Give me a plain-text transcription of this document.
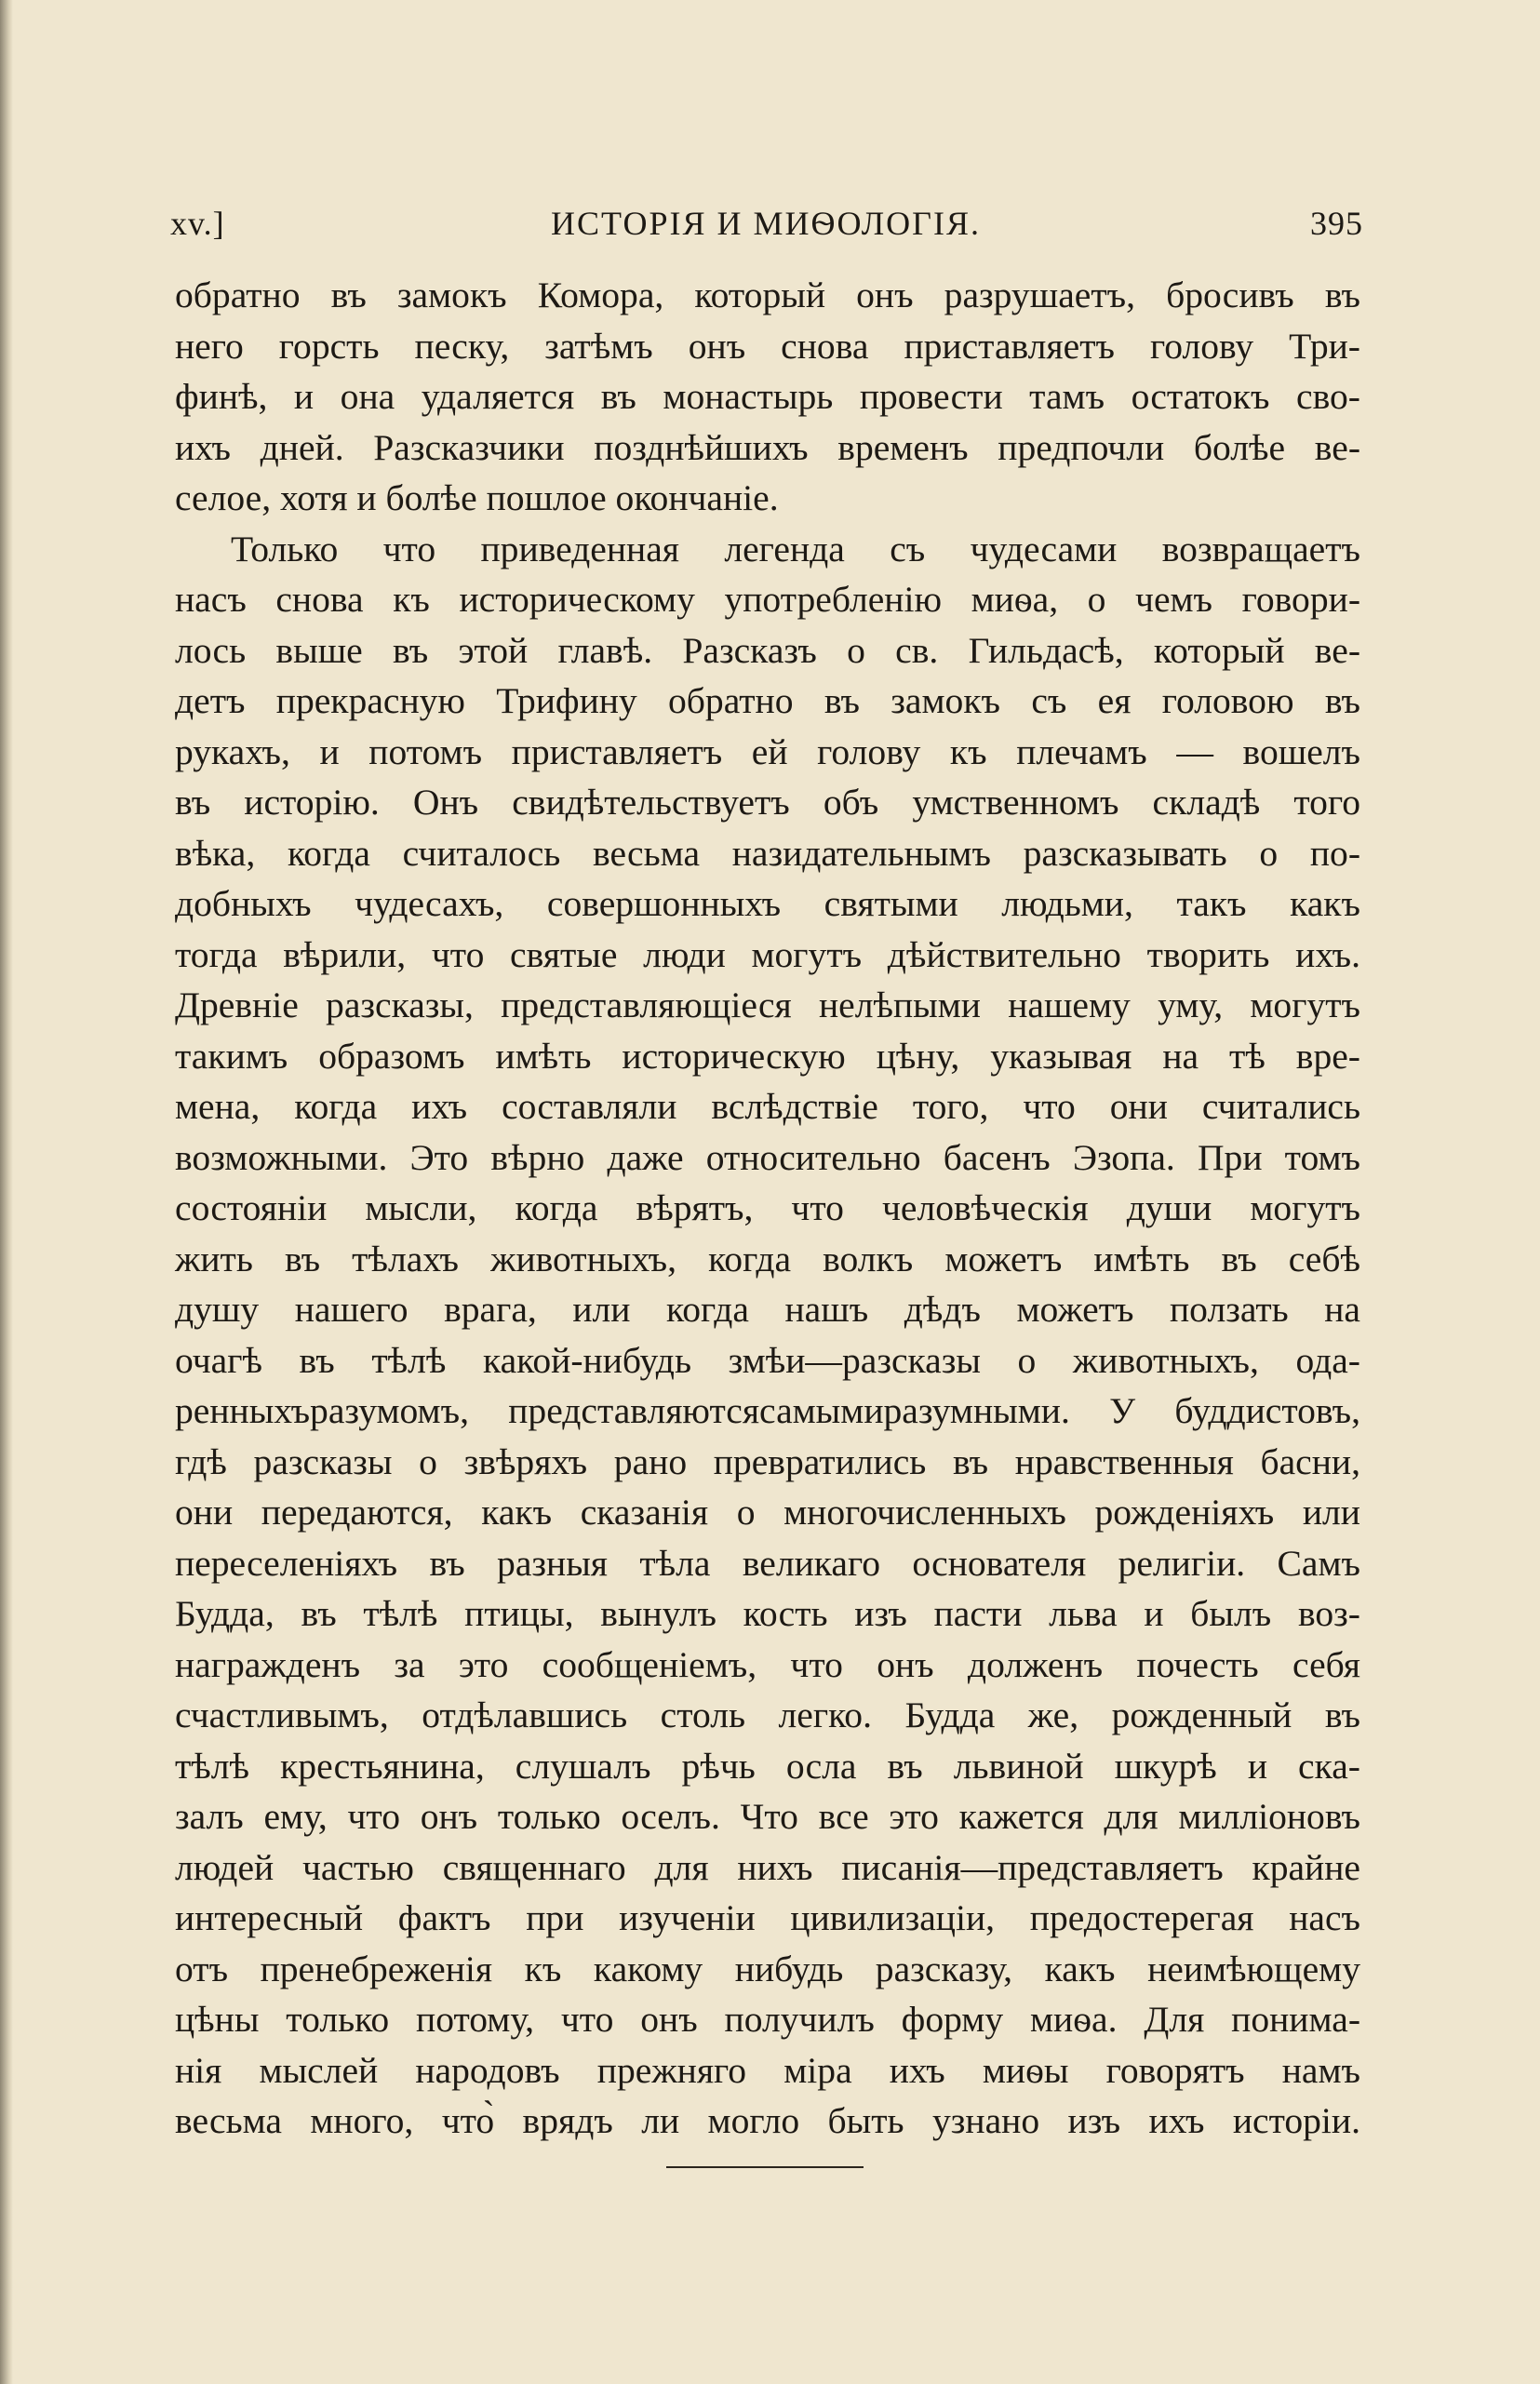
xv.]	ИСТОРІЯ И МИѲОЛОГІЯ.	395

обратно въ замокъ Комора, который онъ разрушаетъ, бросивъ въ
него горсть песку, затѣмъ онъ снова приставляетъ голову Три-
финѣ, и она удаляется въ монастырь провести тамъ остатокъ сво-
ихъ дней. Разсказчики позднѣйшихъ временъ предпочли болѣе ве-
селое, хотя и болѣе пошлое окончаніе.

Только что приведенная легенда съ чудесами возвращаетъ
насъ снова къ историческому употребленію миѳа, о чемъ говори-
лось выше въ этой главѣ. Разсказъ о св. Гильдасѣ, который ве-
детъ прекрасную Трифину обратно въ замокъ съ ея головою въ
рукахъ, и потомъ приставляетъ ей голову къ плечамъ — вошелъ
въ исторію. Онъ свидѣтельствуетъ объ умственномъ складѣ того
вѣка, когда считалось весьма назидательнымъ разсказывать о по-
добныхъ чудесахъ, совершонныхъ святыми людьми, такъ какъ
тогда вѣрили, что святые люди могутъ дѣйствительно творить ихъ.
Древніе разсказы, представляющіеся нелѣпыми нашему уму, могутъ
такимъ образомъ имѣть историческую цѣну, указывая на тѣ вре-
мена, когда ихъ составляли вслѣдствіе того, что они считались
возможными. Это вѣрно даже относительно басенъ Эзопа. При томъ
состояніи мысли, когда вѣрятъ, что человѣческія души могутъ
жить въ тѣлахъ животныхъ, когда волкъ можетъ имѣть въ себѣ
душу нашего врага, или когда нашъ дѣдъ можетъ ползать на
очагѣ въ тѣлѣ какой-нибудь змѣи—разсказы о животныхъ, ода-
ренныхъразумомъ, представляютсясамымиразумными. У буддистовъ,
гдѣ разсказы о звѣряхъ рано превратились въ нравственныя басни,
они передаются, какъ сказанія о многочисленныхъ рожденіяхъ или
переселеніяхъ въ разныя тѣла великаго основателя религіи. Самъ
Будда, въ тѣлѣ птицы, вынулъ кость изъ пасти льва и былъ воз-
награжденъ за это сообщеніемъ, что онъ долженъ почесть себя
счастливымъ, отдѣлавшись столь легко. Будда же, рожденный въ
тѣлѣ крестьянина, слушалъ рѣчь осла въ львиной шкурѣ и ска-
залъ ему, что онъ только оселъ. Что все это кажется для милліоновъ
людей частью священнаго для нихъ писанія—представляетъ крайне
интересный фактъ при изученіи цивилизаціи, предостерегая насъ
отъ пренебреженія къ какому нибудь разсказу, какъ неимѣющему
цѣны только потому, что онъ получилъ форму миѳа. Для понима-
нія мыслей народовъ прежняго міра ихъ миѳы говорятъ намъ
весьма много, что̀ врядъ ли могло быть узнано изъ ихъ исторіи.
